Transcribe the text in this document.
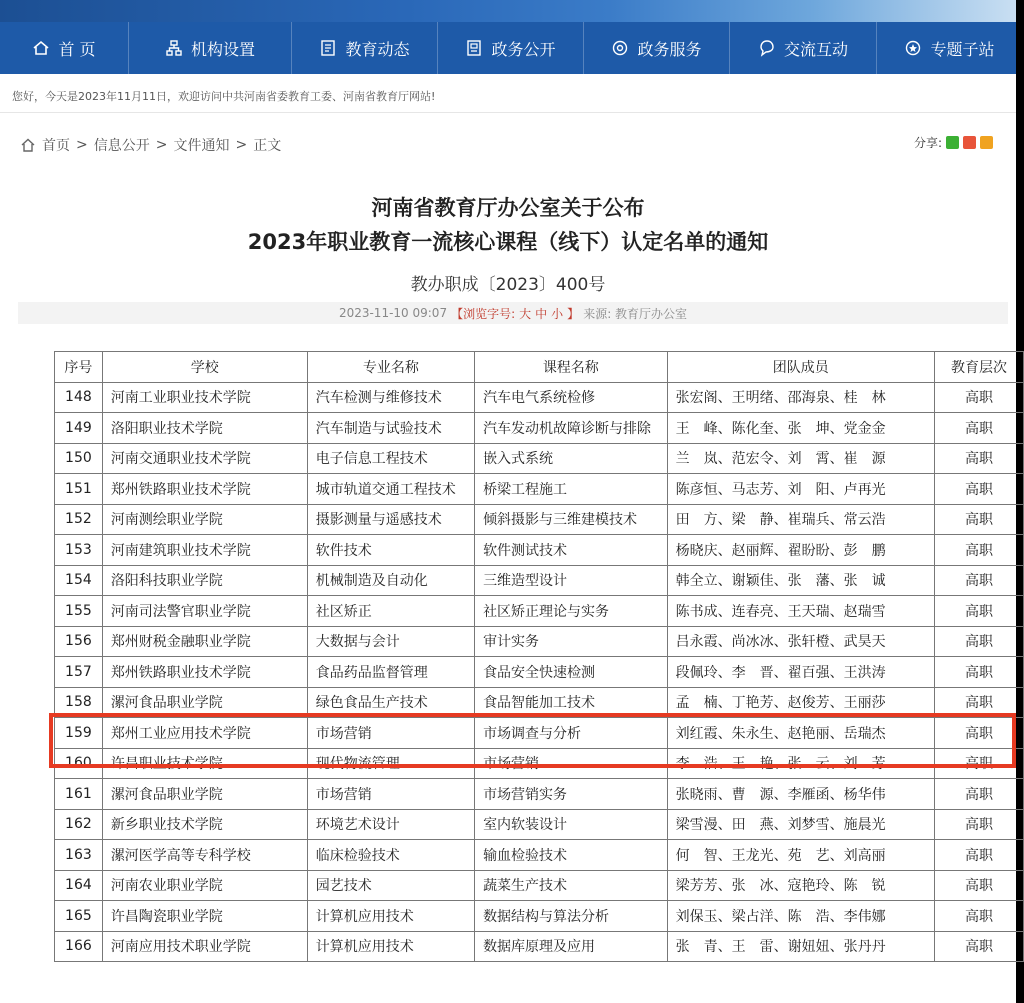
首 页	机构设置	教育动态	政务公开	政务服务	交流互动	专题子站
您好，今天是2023年11月11日，欢迎访问中共河南省委教育工委、河南省教育厅网站!
首页 > 信息公开 > 文件通知 > 正文	分享:
河南省教育厅办公室关于公布
2023年职业教育一流核心课程（线下）认定名单的通知
教办职成〔2023〕400号
2023-11-10 09:07 【浏览字号: 大 中 小 】 来源: 教育厅办公室
序号	学校	专业名称	课程名称	团队成员	教育层次
148	河南工业职业技术学院	汽车检测与维修技术	汽车电气系统检修	张宏阁、王明绪、邵海泉、桂　林	高职
149	洛阳职业技术学院	汽车制造与试验技术	汽车发动机故障诊断与排除	王　峰、陈化奎、张　坤、党金金	高职
150	河南交通职业技术学院	电子信息工程技术	嵌入式系统	兰　岚、范宏令、刘　霄、崔　源	高职
151	郑州铁路职业技术学院	城市轨道交通工程技术	桥梁工程施工	陈彦恒、马志芳、刘　阳、卢再光	高职
152	河南测绘职业学院	摄影测量与遥感技术	倾斜摄影与三维建模技术	田　方、梁　静、崔瑞兵、常云浩	高职
153	河南建筑职业技术学院	软件技术	软件测试技术	杨晓庆、赵丽辉、翟盼盼、彭　鹏	高职
154	洛阳科技职业学院	机械制造及自动化	三维造型设计	韩全立、谢颖佳、张　藩、张　诚	高职
155	河南司法警官职业学院	社区矫正	社区矫正理论与实务	陈书成、连春亮、王天瑞、赵瑞雪	高职
156	郑州财税金融职业学院	大数据与会计	审计实务	吕永霞、尚冰冰、张轩橙、武昊天	高职
157	郑州铁路职业技术学院	食品药品监督管理	食品安全快速检测	段佩玲、李　晋、翟百强、王洪涛	高职
158	漯河食品职业学院	绿色食品生产技术	食品智能加工技术	孟　楠、丁艳芳、赵俊芳、王丽莎	高职
159	郑州工业应用技术学院	市场营销	市场调查与分析	刘红霞、朱永生、赵艳丽、岳瑞杰	高职
160	许昌职业技术学院	现代物流管理	市场营销	李　浩、王　艳、张　云、刘　芳	高职
161	漯河食品职业学院	市场营销	市场营销实务	张晓雨、曹　源、李雁函、杨华伟	高职
162	新乡职业技术学院	环境艺术设计	室内软装设计	梁雪漫、田　燕、刘梦雪、施晨光	高职
163	漯河医学高等专科学校	临床检验技术	输血检验技术	何　智、王龙光、苑　艺、刘高丽	高职
164	河南农业职业学院	园艺技术	蔬菜生产技术	梁芳芳、张　冰、寇艳玲、陈　锐	高职
165	许昌陶瓷职业学院	计算机应用技术	数据结构与算法分析	刘保玉、梁占洋、陈　浩、李伟娜	高职
166	河南应用技术职业学院	计算机应用技术	数据库原理及应用	张　青、王　雷、谢妞妞、张丹丹	高职
